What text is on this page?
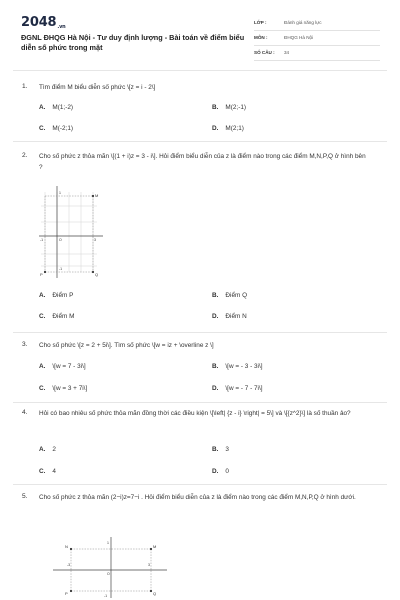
2048.vn
ĐGNL ĐHQG Hà Nội - Tư duy định lượng - Bài toán về điểm biểu diễn số phức trong mặt
LỚP :	Đánh giá năng lực
MÔN :	ĐHQG Hà Nội
SỐ CÂU : 34
1. Tìm điểm M biểu diễn số phức \[z = i - 2\]
A. M(1;-2)	B. M(2;-1)
C. M(-2;1)	D. M(2;1)
2. Cho số phức z thỏa mãn \[(1 + i)z = 3 - i\]. Hỏi điểm biểu diễn của z là điểm nào trong các điểm M,N,P,Q ở hình bên ?
M
P	Q
O
1
-1
-1	3
A. Điểm P	B. Điểm Q
C. Điểm M	D. Điểm N
3. Cho số phức \[z = 2 + 5i\]. Tìm số phức \[w = iz + \overline z \]
A. \[w = 7 - 3i\]	B. \[w = - 3 - 3i\]
C. \[w = 3 + 7i\]	D. \[w = - 7 - 7i\]
4. Hỏi có bao nhiêu số phức thỏa mãn đồng thời các điều kiện \[\left| {z - i} \right| = 5\] và \[{z^2}\] là số thuần ảo?
A. 2	B. 3
C. 4	D. 0
5. Cho số phức z thỏa mãn (2−i)z=7−i . Hỏi điểm biểu diễn của z là điểm nào trong các điểm M,N,P,Q ở hình dưới.
N	M
P	Q
O
1
-1
-3	3
